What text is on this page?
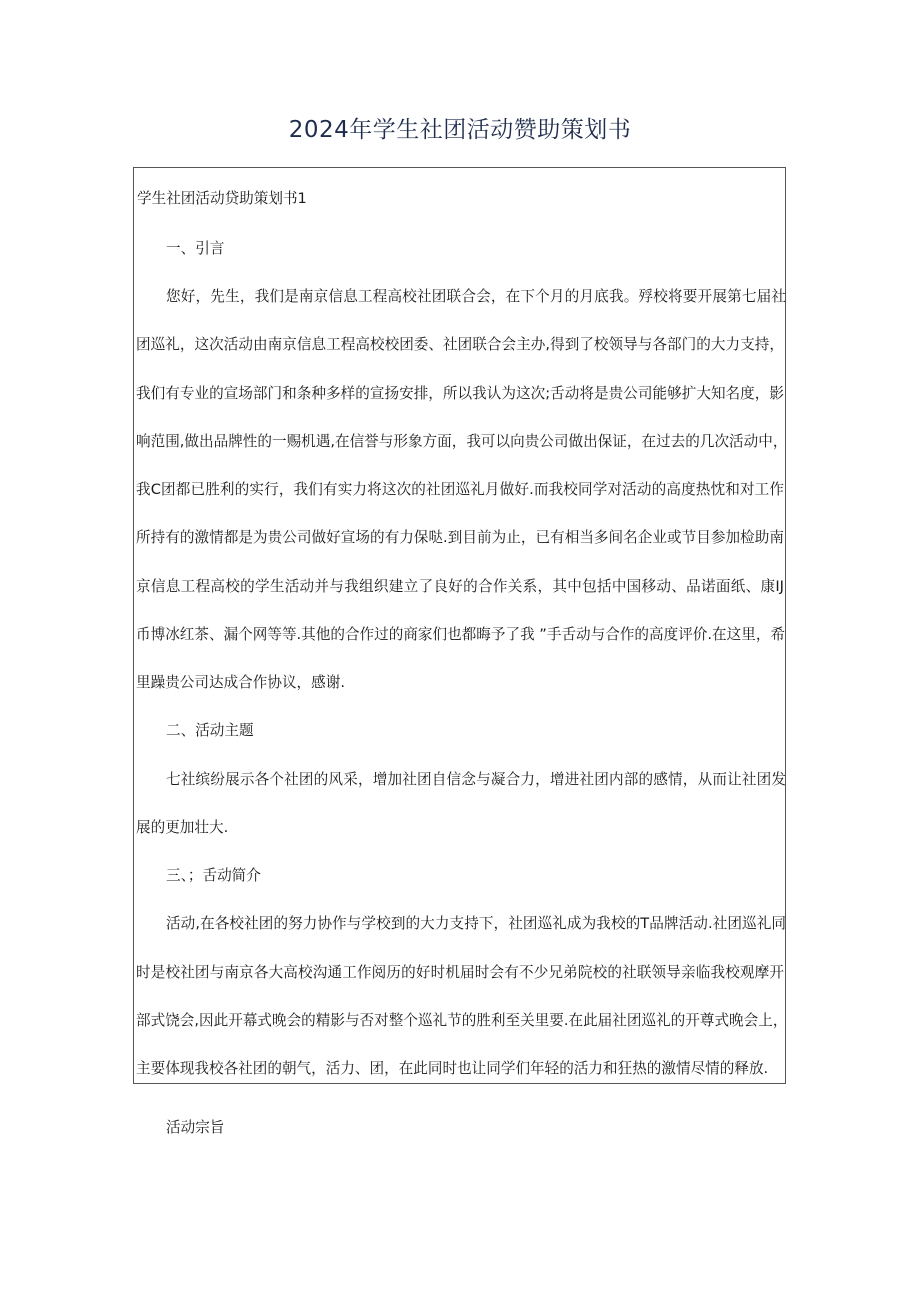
2024年学生社团活动赞助策划书
学生社团活动贷助策划书1
一、引言
您好，先生，我们是南京信息工程高校社团联合会，在下个月的月底我。殍校将要开展第七届社
团巡礼，这次活动由南京信息工程高校校团委、社团联合会主办,得到了校领导与各部门的大力支持，
我们有专业的宣场部门和条种多样的宣扬安排，所以我认为这次;舌动将是贵公司能够扩大知名度，影
响范围,做出品牌性的一赐机遇,在信誉与形象方面，我可以向贵公司做出保证，在过去的几次活动中，
我C团都已胜利的实行，我们有实力将这次的社团巡礼月做好.而我校同学对活动的高度热忱和对工作
所持有的激情都是为贵公司做好宣场的有力保哒.到目前为止，已有相当多间名企业或节目参加检助南
京信息工程高校的学生活动并与我组织建立了良好的合作关系，其中包括中国移动、品诺面纸、康IJ
币博冰红茶、漏个网等等.其他的合作过的商家们也都晦予了我 ”手舌动与合作的高度评价.在这里，希
里躁贵公司达成合作协议，感谢.
二、活动主题
七社缤纷展示各个社团的风采，增加社团自信念与凝合力，增进社团内部的感情，从而让社团发
展的更加壮大.
三、；舌动简介
活动,在各校社团的努力协作与学校到的大力支持下，社团巡礼成为我校的T品牌活动.社团巡礼同
时是校社团与南京各大高校沟通工作阅历的好时机届时会有不少兄弟院校的社联领导亲临我校观摩开
部式饶会,因此开幕式晚会的精影与否对整个巡礼节的胜利至关里要.在此届社团巡礼的开尊式晚会上，
主要体现我校各社团的朝气，活力、团，在此同时也让同学们年轻的活力和狂热的激情尽情的释放.
活动宗旨
